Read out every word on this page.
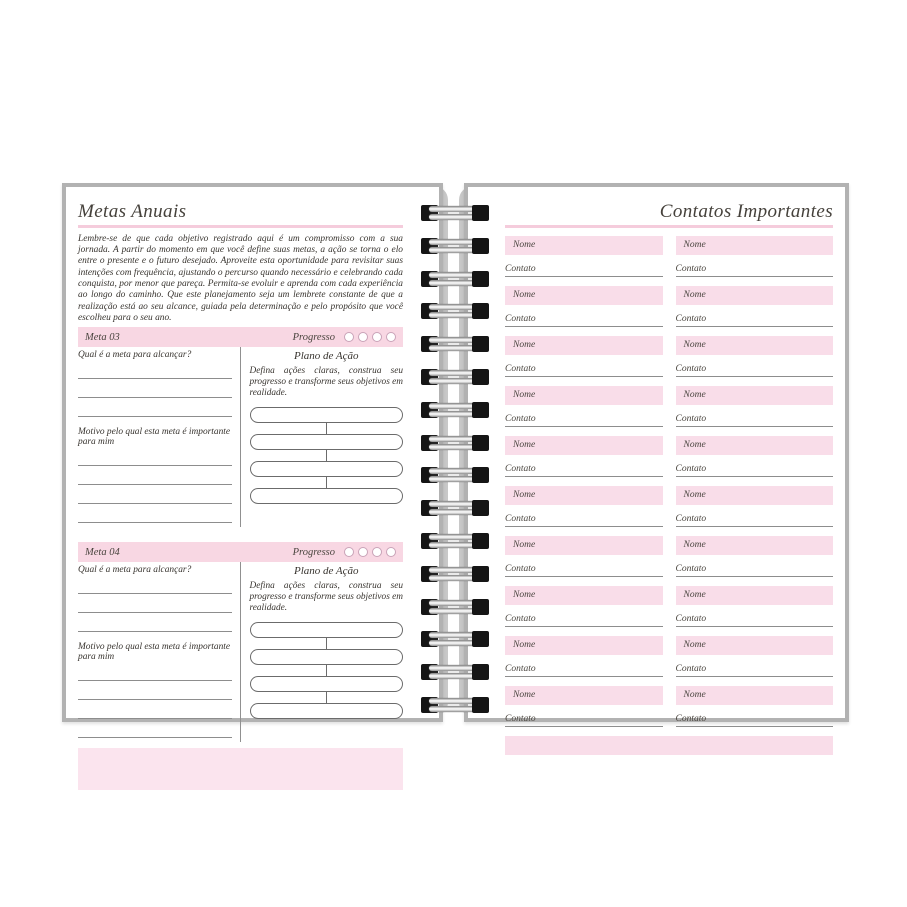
Metas Anuais

Lembre-se de que cada objetivo registrado aqui é um compromisso com a sua jornada. A partir do momento em que você define suas metas, a ação se torna o elo entre o presente e o futuro desejado. Aproveite esta oportunidade para revisitar suas intenções com frequência, ajustando o percurso quando necessário e celebrando cada conquista, por menor que pareça. Permita-se evoluir e aprenda com cada experiência ao longo do caminho. Que este planejamento seja um lembrete constante de que a realização está ao seu alcance, guiada pela determinação e pelo propósito que você escolheu para o seu ano.

Meta 03	Progresso
Qual é a meta para alcançar?
Motivo pelo qual esta meta é importante para mim
Plano de Ação

Defina ações claras, construa seu progresso e transforme seus objetivos em realidade.

Meta 04	Progresso
Qual é a meta para alcançar?
Motivo pelo qual esta meta é importante para mim
Plano de Ação

Defina ações claras, construa seu progresso e transforme seus objetivos em realidade.

Contatos Importantes
Nome
Contato
Nome
Contato
Nome
Contato
Nome
Contato
Nome
Contato
Nome
Contato
Nome
Contato
Nome
Contato
Nome
Contato
Nome
Contato
Nome
Contato
Nome
Contato
Nome
Contato
Nome
Contato
Nome
Contato
Nome
Contato
Nome
Contato
Nome
Contato
Nome
Contato
Nome
Contato
